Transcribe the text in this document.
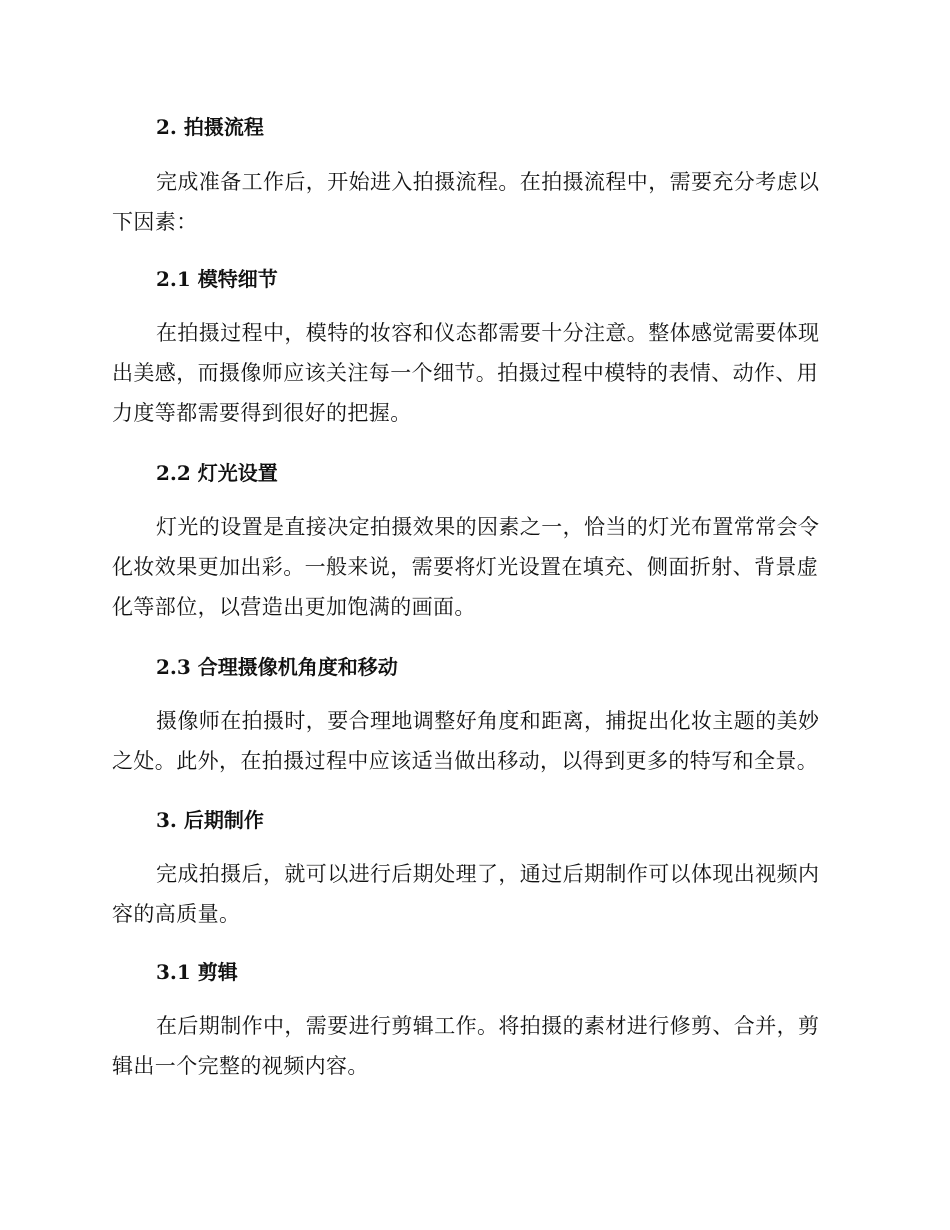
2. 拍摄流程
完成准备工作后，开始进入拍摄流程。在拍摄流程中，需要充分考虑以下因素：
2.1 模特细节
在拍摄过程中，模特的妆容和仪态都需要十分注意。整体感觉需要体现出美感，而摄像师应该关注每一个细节。拍摄过程中模特的表情、动作、用力度等都需要得到很好的把握。
2.2 灯光设置
灯光的设置是直接决定拍摄效果的因素之一，恰当的灯光布置常常会令化妆效果更加出彩。一般来说，需要将灯光设置在填充、侧面折射、背景虚化等部位，以营造出更加饱满的画面。
2.3 合理摄像机角度和移动
摄像师在拍摄时，要合理地调整好角度和距离，捕捉出化妆主题的美妙之处。此外，在拍摄过程中应该适当做出移动，以得到更多的特写和全景。
3. 后期制作
完成拍摄后，就可以进行后期处理了，通过后期制作可以体现出视频内容的高质量。
3.1 剪辑
在后期制作中，需要进行剪辑工作。将拍摄的素材进行修剪、合并，剪辑出一个完整的视频内容。
